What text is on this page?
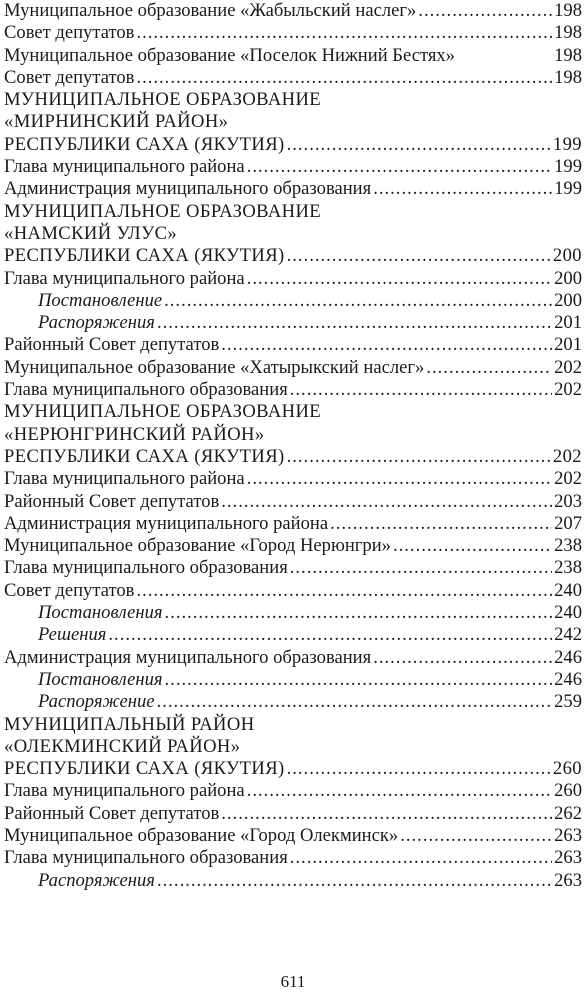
Муниципальное образование «Жабыльский наслег» .....	198
Совет депутатов .....	198
Муниципальное образование «Поселок Нижний Бестях»	198
Совет депутатов .....	198
МУНИЦИПАЛЬНОЕ ОБРАЗОВАНИЕ
«МИРНИНСКИЙ РАЙОН»
РЕСПУБЛИКИ САХА (ЯКУТИЯ) .....	199
Глава муниципального района .....	199
Администрация муниципального образования .....	199
МУНИЦИПАЛЬНОЕ ОБРАЗОВАНИЕ
«НАМСКИЙ УЛУС»
РЕСПУБЛИКИ САХА (ЯКУТИЯ) .....	200
Глава муниципального района .....	200
Постановление .....	200
Распоряжения .....	201
Районный Совет депутатов .....	201
Муниципальное образование «Хатырыкский наслег» .....	202
Глава муниципального образования .....	202
МУНИЦИПАЛЬНОЕ ОБРАЗОВАНИЕ
«НЕРЮНГРИНСКИЙ РАЙОН»
РЕСПУБЛИКИ САХА (ЯКУТИЯ) .....	202
Глава муниципального района .....	202
Районный Совет депутатов .....	203
Администрация муниципального района .....	207
Муниципальное образование «Город Нерюнгри» .....	238
Глава муниципального образования .....	238
Совет депутатов .....	240
Постановления .....	240
Решения .....	242
Администрация муниципального образования .....	246
Постановления .....	246
Распоряжение .....	259
МУНИЦИПАЛЬНЫЙ РАЙОН
«ОЛЕКМИНСКИЙ РАЙОН»
РЕСПУБЛИКИ САХА (ЯКУТИЯ) .....	260
Глава муниципального района .....	260
Районный Совет депутатов .....	262
Муниципальное образование «Город Олекминск» .....	263
Глава муниципального образования .....	263
Распоряжения .....	263
611
